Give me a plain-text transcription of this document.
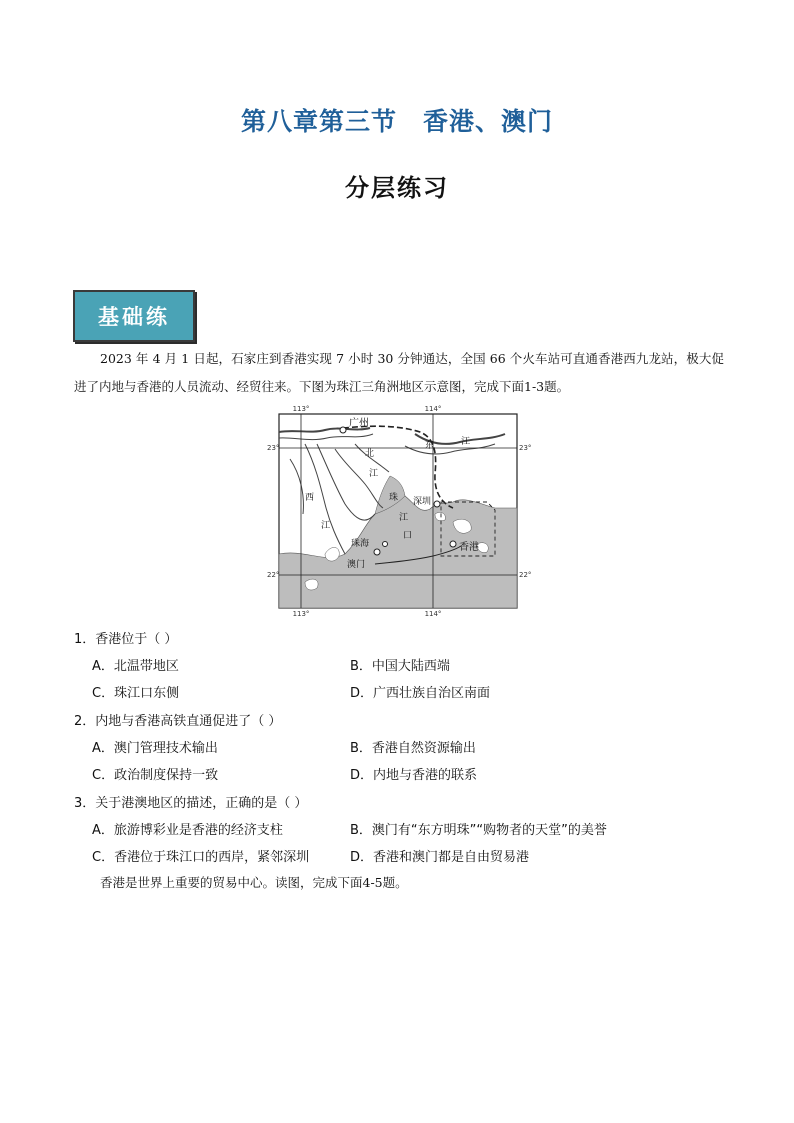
第八章第三节　香港、澳门
分层练习
基础练
2023 年 4 月 1 日起，石家庄到香港实现 7 小时 30 分钟通达，全国 66 个火车站可直通香港西九龙站，极大促进了内地与香港的人员流动、经贸往来。下图为珠江三角洲地区示意图，完成下面1-3题。
113°	114°
113°	114°
23°	23°
22°	22°
广州
深圳
珠海
澳门
香港
西
江
北
江
东	江
珠
江
口
1．香港位于（ ）
A．北温带地区	B．中国大陆西端
C．珠江口东侧	D．广西壮族自治区南面
2．内地与香港高铁直通促进了（ ）
A．澳门管理技术输出	B．香港自然资源输出
C．政治制度保持一致	D．内地与香港的联系
3．关于港澳地区的描述，正确的是（ ）
A．旅游博彩业是香港的经济支柱	B．澳门有“东方明珠”“购物者的天堂”的美誉
C．香港位于珠江口的西岸，紧邻深圳	D．香港和澳门都是自由贸易港
香港是世界上重要的贸易中心。读图，完成下面4-5题。
